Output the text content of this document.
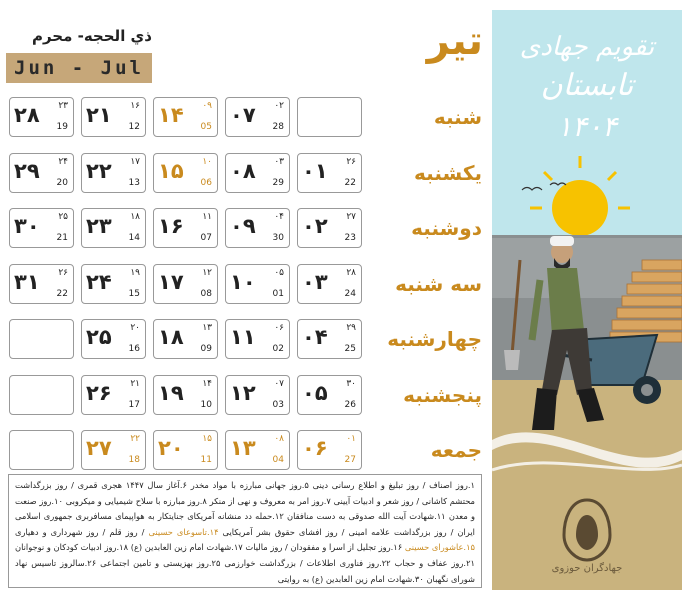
تقویم جهادی
تابستان
۱۴۰۴
جهادگران حوزوی
ذي الحجه- محرم
Jun - Jul
تیر
شنبه
۰۷ ۰۲
28
۱۴ ۰۹
05
۲۱ ۱۶
12
۲۸ ۲۳
19
یکشنبه
۰۱ ۲۶
22
۰۸ ۰۳
29
۱۵ ۱۰
06
۲۲ ۱۷
13
۲۹ ۲۴
20
دوشنبه
۰۲ ۲۷
23
۰۹ ۰۴
30
۱۶ ۱۱
07
۲۳ ۱۸
14
۳۰ ۲۵
21
سه شنبه
۰۳ ۲۸
24
۱۰ ۰۵
01
۱۷ ۱۲
08
۲۴ ۱۹
15
۳۱ ۲۶
22
چهارشنبه
۰۴ ۲۹
25
۱۱ ۰۶
02
۱۸ ۱۳
09
۲۵ ۲۰
16
پنجشنبه
۰۵ ۳۰
26
۱۲ ۰۷
03
۱۹ ۱۴
10
۲۶ ۲۱
17
جمعه
۰۶ ۰۱
27
۱۳ ۰۸
04
۲۰ ۱۵
11
۲۷ ۲۲
18
۱.روز اصناف / روز تبلیغ و اطلاع رسانی دینی ۵.روز جهانی مبارزه با مواد مخدر ۶.آغاز سال ۱۴۴۷ هجری قمری / روز بزرگداشت محتشم کاشانی / روز شعر و ادبیات آیینی ۷.روز امر به معروف و نهی از منکر ۸.روز مبارزه با سلاح شیمیایی و میکروبی ۱۰.روز صنعت و معدن ۱۱.شهادت آیت الله صدوقی به دست منافقان ۱۲.حمله دد منشانه آمریکای جنایتکار به هواپیمای مسافربری جمهوری اسلامی ایران / روز بزرگداشت علامه امینی / روز افشای حقوق بشر آمریکایی ۱۴.تاسوعای حسینی / روز قلم / روز شهرداری و دهیاری ۱۵.عاشورای حسینی ۱۶.روز تجلیل از اسرا و مفقودان / روز مالیات ۱۷.شهادت امام زین العابدین (ع) ۱۸.روز ادبیات کودکان و نوجوانان ۲۱.روز عفاف و حجاب ۲۲.روز فناوری اطلاعات / بزرگداشت خوارزمی ۲۵.روز بهزیستی و تامین اجتماعی ۲۶.سالروز تاسیس نهاد شورای نگهبان ۳۰.شهادت امام زین العابدین (ع) به روایتی
